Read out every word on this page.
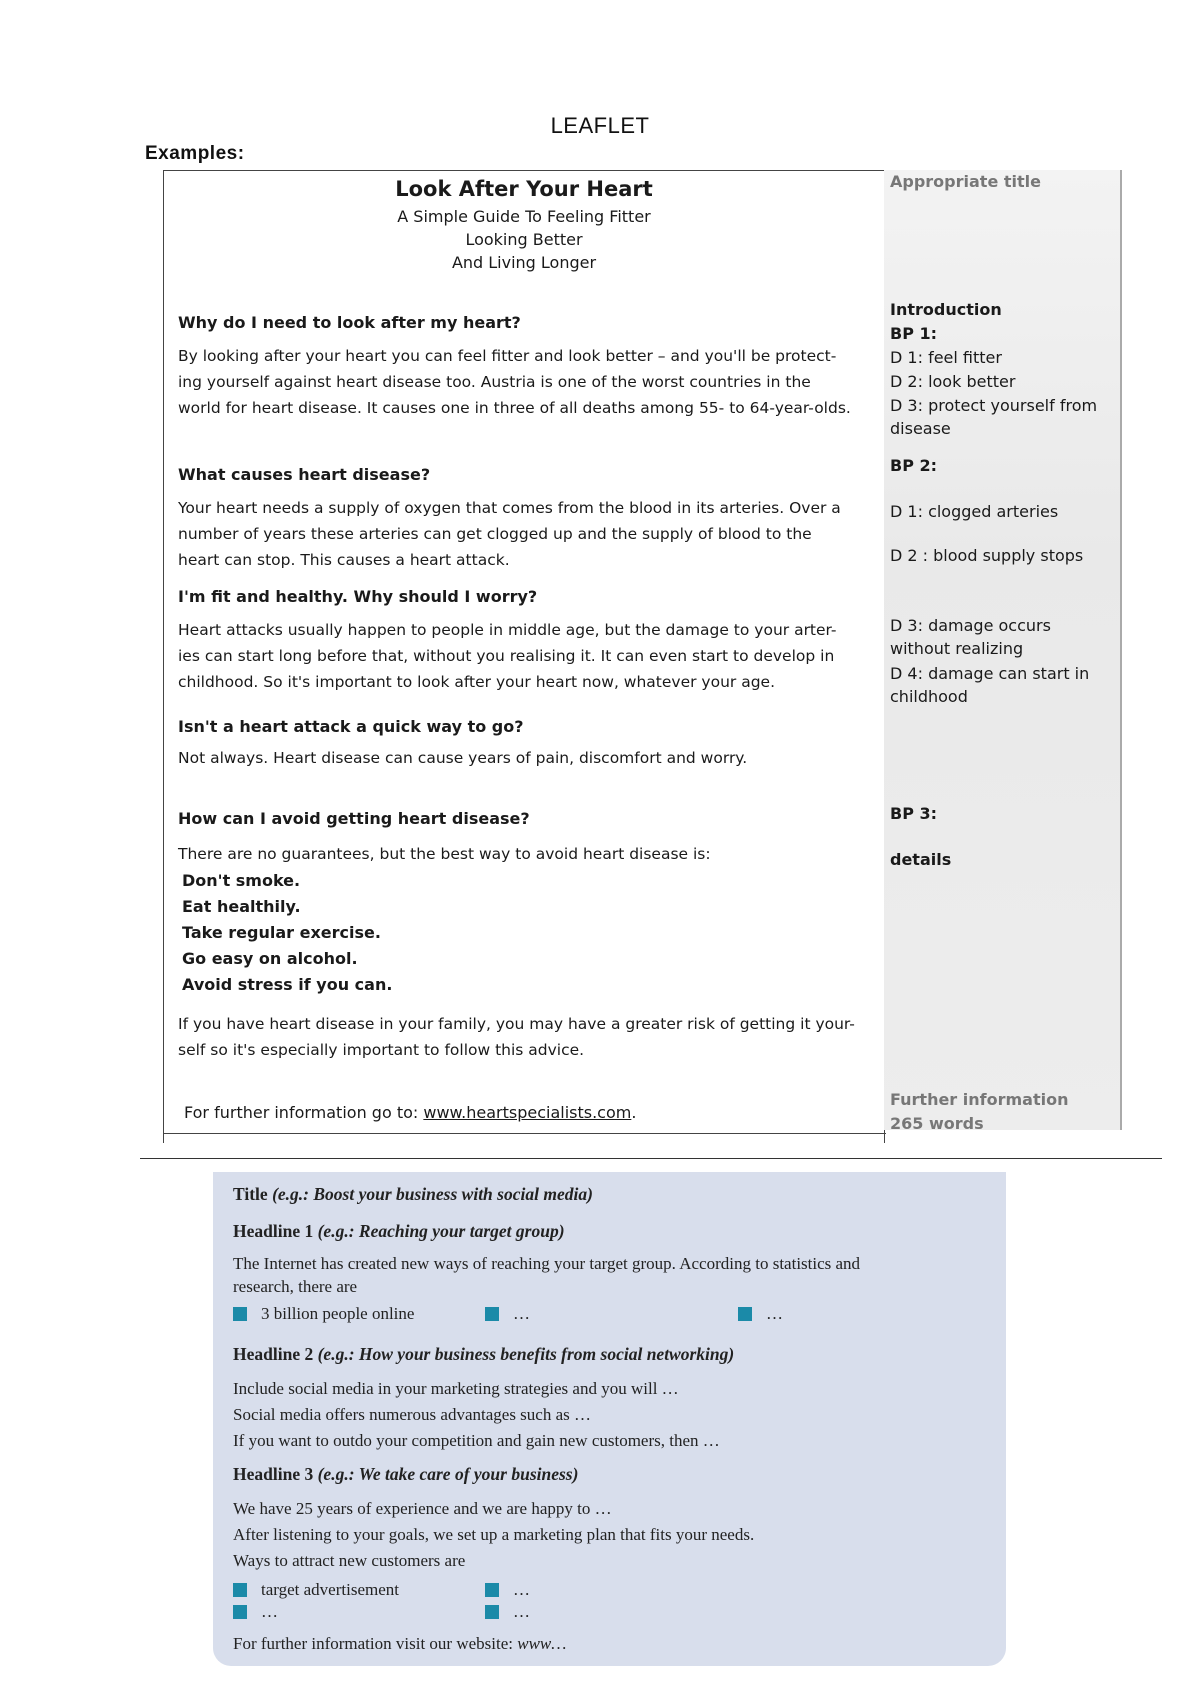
LEAFLET
Examples:
Look After Your Heart
A Simple Guide To Feeling Fitter
Looking Better
And Living Longer
Why do I need to look after my heart?
By looking after your heart you can feel fitter and look better – and you'll be protect-
ing yourself against heart disease too. Austria is one of the worst countries in the
world for heart disease. It causes one in three of all deaths among 55- to 64-year-olds.
What causes heart disease?
Your heart needs a supply of oxygen that comes from the blood in its arteries. Over a
number of years these arteries can get clogged up and the supply of blood to the
heart can stop. This causes a heart attack.
I'm fit and healthy. Why should I worry?
Heart attacks usually happen to people in middle age, but the damage to your arter-
ies can start long before that, without you realising it. It can even start to develop in
childhood. So it's important to look after your heart now, whatever your age.
Isn't a heart attack a quick way to go?
Not always. Heart disease can cause years of pain, discomfort and worry.
How can I avoid getting heart disease?
There are no guarantees, but the best way to avoid heart disease is:
Don't smoke.
Eat healthily.
Take regular exercise.
Go easy on alcohol.
Avoid stress if you can.
If you have heart disease in your family, you may have a greater risk of getting it your-
self so it's especially important to follow this advice.
For further information go to: www.heartspecialists.com.
Appropriate title
Introduction
BP 1:
D 1: feel fitter
D 2: look better
D 3: protect yourself from disease
BP 2:
D 1: clogged arteries
D 2 : blood supply stops
D 3: damage occurs without realizing
D 4: damage can start in childhood
BP 3:
details
Further information
265 words
Title (e.g.: Boost your business with social media)
Headline 1 (e.g.: Reaching your target group)
The Internet has created new ways of reaching your target group. According to statistics and
research, there are
3 billion people online	…	…
Headline 2 (e.g.: How your business benefits from social networking)
Include social media in your marketing strategies and you will …
Social media offers numerous advantages such as …
If you want to outdo your competition and gain new customers, then …
Headline 3 (e.g.: We take care of your business)
We have 25 years of experience and we are happy to …
After listening to your goals, we set up a marketing plan that fits your needs.
Ways to attract new customers are
target advertisement	…
…	…
For further information visit our website: www…
